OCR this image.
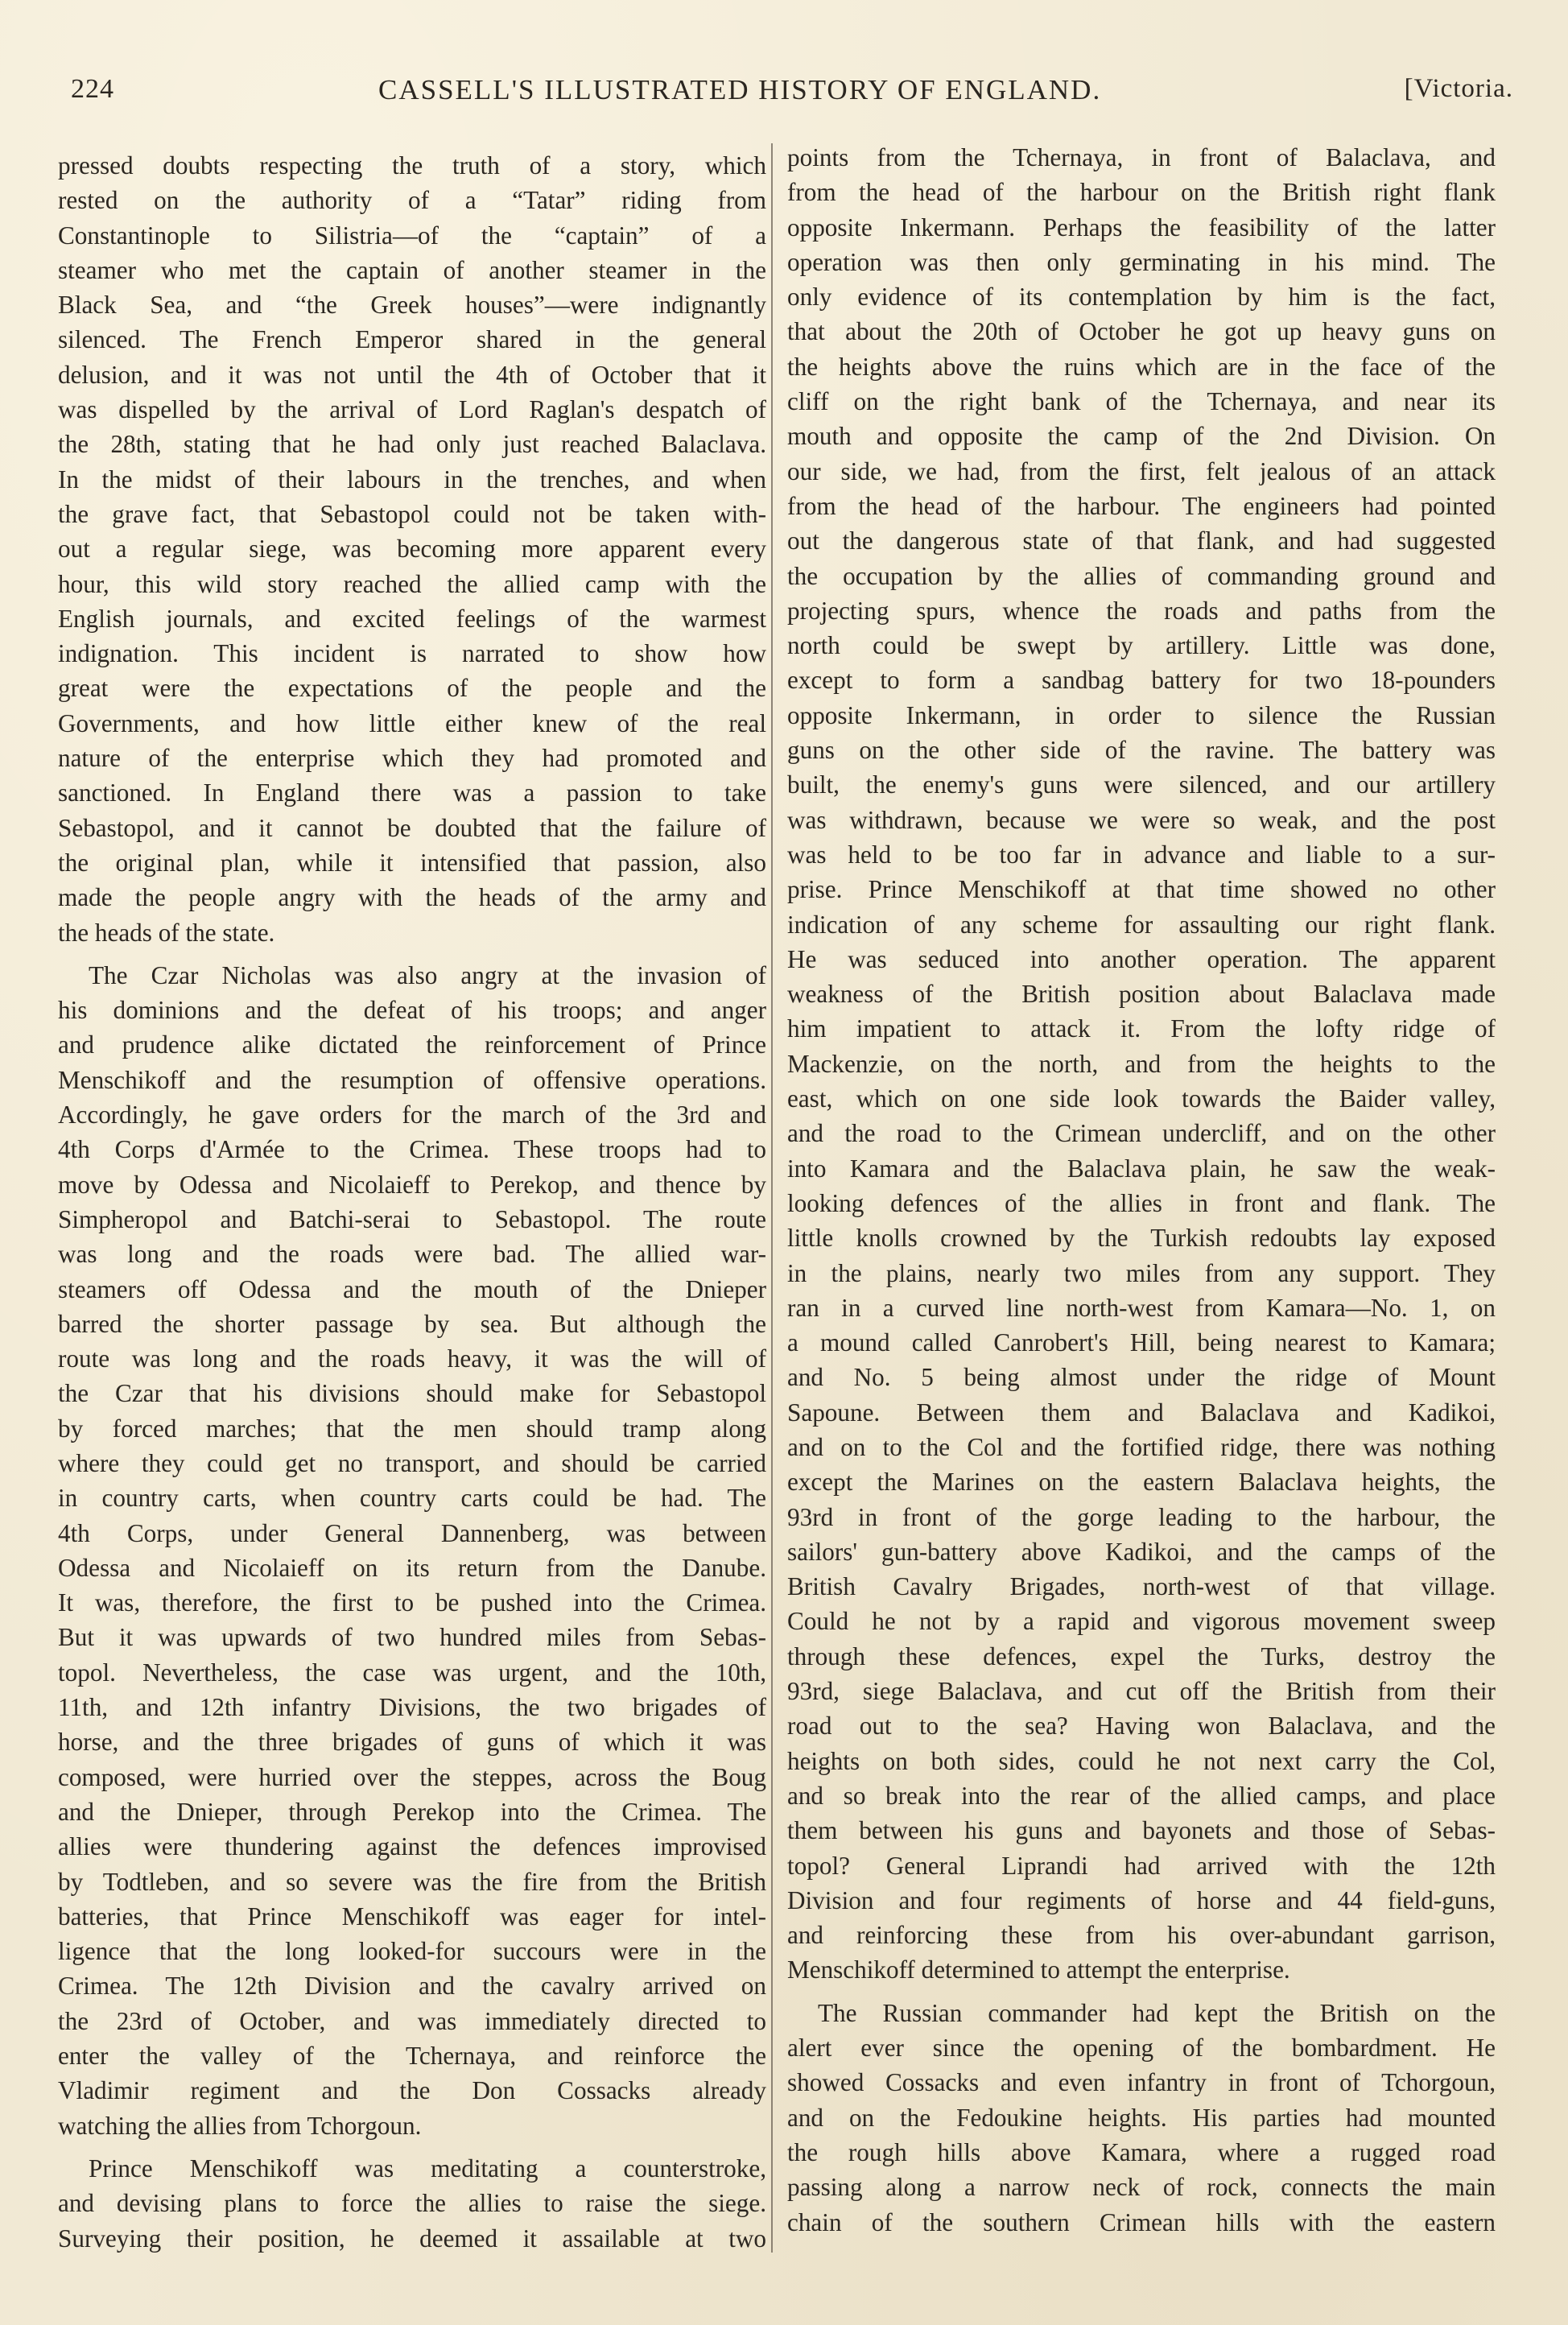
224	CASSELL'S ILLUSTRATED HISTORY OF ENGLAND.	[Victoria.
pressed doubts respecting the truth of a story, which
rested on the authority of a “Tatar” riding from
Constantinople to Silistria—of the “captain” of a
steamer who met the captain of another steamer in the
Black Sea, and “the Greek houses”—were indignantly
silenced. The French Emperor shared in the general
delusion, and it was not until the 4th of October that it
was dispelled by the arrival of Lord Raglan's despatch of
the 28th, stating that he had only just reached Balaclava.
In the midst of their labours in the trenches, and when
the grave fact, that Sebastopol could not be taken with-
out a regular siege, was becoming more apparent every
hour, this wild story reached the allied camp with the
English journals, and excited feelings of the warmest
indignation. This incident is narrated to show how
great were the expectations of the people and the
Governments, and how little either knew of the real
nature of the enterprise which they had promoted and
sanctioned. In England there was a passion to take
Sebastopol, and it cannot be doubted that the failure of
the original plan, while it intensified that passion, also
made the people angry with the heads of the army and
the heads of the state.
The Czar Nicholas was also angry at the invasion of
his dominions and the defeat of his troops; and anger
and prudence alike dictated the reinforcement of Prince
Menschikoff and the resumption of offensive operations.
Accordingly, he gave orders for the march of the 3rd and
4th Corps d'Armée to the Crimea. These troops had to
move by Odessa and Nicolaieff to Perekop, and thence by
Simpheropol and Batchi-serai to Sebastopol. The route
was long and the roads were bad. The allied war-
steamers off Odessa and the mouth of the Dnieper
barred the shorter passage by sea. But although the
route was long and the roads heavy, it was the will of
the Czar that his divisions should make for Sebastopol
by forced marches; that the men should tramp along
where they could get no transport, and should be carried
in country carts, when country carts could be had. The
4th Corps, under General Dannenberg, was between
Odessa and Nicolaieff on its return from the Danube.
It was, therefore, the first to be pushed into the Crimea.
But it was upwards of two hundred miles from Sebas-
topol. Nevertheless, the case was urgent, and the 10th,
11th, and 12th infantry Divisions, the two brigades of
horse, and the three brigades of guns of which it was
composed, were hurried over the steppes, across the Boug
and the Dnieper, through Perekop into the Crimea. The
allies were thundering against the defences improvised
by Todtleben, and so severe was the fire from the British
batteries, that Prince Menschikoff was eager for intel-
ligence that the long looked-for succours were in the
Crimea. The 12th Division and the cavalry arrived on
the 23rd of October, and was immediately directed to
enter the valley of the Tchernaya, and reinforce the
Vladimir regiment and the Don Cossacks already
watching the allies from Tchorgoun.
Prince Menschikoff was meditating a counterstroke,
and devising plans to force the allies to raise the siege.
Surveying their position, he deemed it assailable at two
points from the Tchernaya, in front of Balaclava, and
from the head of the harbour on the British right flank
opposite Inkermann. Perhaps the feasibility of the latter
operation was then only germinating in his mind. The
only evidence of its contemplation by him is the fact,
that about the 20th of October he got up heavy guns on
the heights above the ruins which are in the face of the
cliff on the right bank of the Tchernaya, and near its
mouth and opposite the camp of the 2nd Division. On
our side, we had, from the first, felt jealous of an attack
from the head of the harbour. The engineers had pointed
out the dangerous state of that flank, and had suggested
the occupation by the allies of commanding ground and
projecting spurs, whence the roads and paths from the
north could be swept by artillery. Little was done,
except to form a sandbag battery for two 18-pounders
opposite Inkermann, in order to silence the Russian
guns on the other side of the ravine. The battery was
built, the enemy's guns were silenced, and our artillery
was withdrawn, because we were so weak, and the post
was held to be too far in advance and liable to a sur-
prise. Prince Menschikoff at that time showed no other
indication of any scheme for assaulting our right flank.
He was seduced into another operation. The apparent
weakness of the British position about Balaclava made
him impatient to attack it. From the lofty ridge of
Mackenzie, on the north, and from the heights to the
east, which on one side look towards the Baider valley,
and the road to the Crimean undercliff, and on the other
into Kamara and the Balaclava plain, he saw the weak-
looking defences of the allies in front and flank. The
little knolls crowned by the Turkish redoubts lay exposed
in the plains, nearly two miles from any support. They
ran in a curved line north-west from Kamara—No. 1, on
a mound called Canrobert's Hill, being nearest to Kamara;
and No. 5 being almost under the ridge of Mount
Sapoune. Between them and Balaclava and Kadikoi,
and on to the Col and the fortified ridge, there was nothing
except the Marines on the eastern Balaclava heights, the
93rd in front of the gorge leading to the harbour, the
sailors' gun-battery above Kadikoi, and the camps of the
British Cavalry Brigades, north-west of that village.
Could he not by a rapid and vigorous movement sweep
through these defences, expel the Turks, destroy the
93rd, siege Balaclava, and cut off the British from their
road out to the sea? Having won Balaclava, and the
heights on both sides, could he not next carry the Col,
and so break into the rear of the allied camps, and place
them between his guns and bayonets and those of Sebas-
topol? General Liprandi had arrived with the 12th
Division and four regiments of horse and 44 field-guns,
and reinforcing these from his over-abundant garrison,
Menschikoff determined to attempt the enterprise.
The Russian commander had kept the British on the
alert ever since the opening of the bombardment. He
showed Cossacks and even infantry in front of Tchorgoun,
and on the Fedoukine heights. His parties had mounted
the rough hills above Kamara, where a rugged road
passing along a narrow neck of rock, connects the main
chain of the southern Crimean hills with the eastern
